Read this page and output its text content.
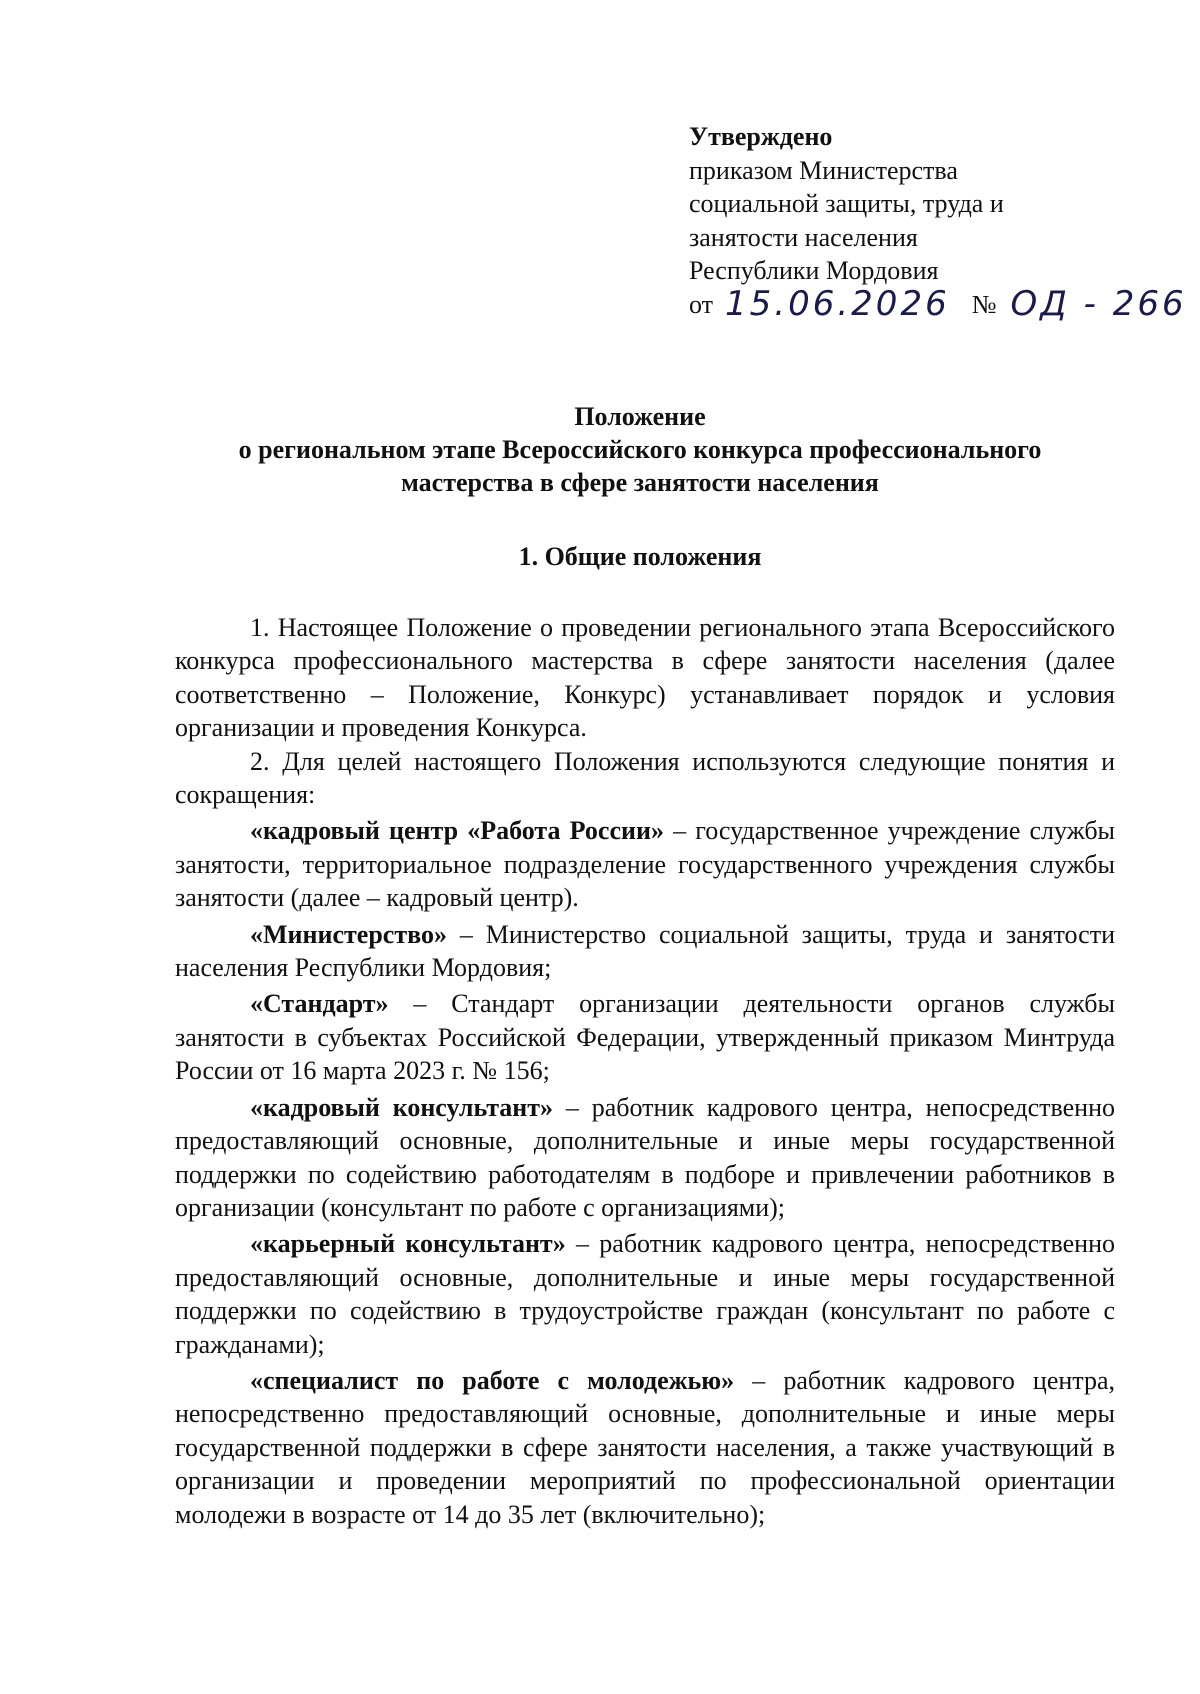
Утверждено
приказом Министерства
социальной защиты, труда и
занятости населения
Республики Мордовия
от 15.06.2026 № ОД - 266
Положение
о региональном этапе Всероссийского конкурса профессионального
мастерства в сфере занятости населения
1. Общие положения

1. Настоящее Положение о проведении регионального этапа Всероссийского конкурса профессионального мастерства в сфере занятости населения (далее соответственно – Положение, Конкурс) устанавливает порядок и условия организации и проведения Конкурса.

2. Для целей настоящего Положения используются следующие понятия и сокращения:

«кадровый центр «Работа России» – государственное учреждение службы занятости, территориальное подразделение государственного учреждения службы занятости (далее – кадровый центр).

«Министерство» – Министерство социальной защиты, труда и занятости населения Республики Мордовия;

«Стандарт» – Стандарт организации деятельности органов службы занятости в субъектах Российской Федерации, утвержденный приказом Минтруда России от 16 марта 2023 г. № 156;

«кадровый консультант» – работник кадрового центра, непосредственно предоставляющий основные, дополнительные и иные меры государственной поддержки по содействию работодателям в подборе и привлечении работников в организации (консультант по работе с организациями);

«карьерный консультант» – работник кадрового центра, непосредственно предоставляющий основные, дополнительные и иные меры государственной поддержки по содействию в трудоустройстве граждан (консультант по работе с гражданами);

«специалист по работе с молодежью» – работник кадрового центра, непосредственно предоставляющий основные, дополнительные и иные меры государственной поддержки в сфере занятости населения, а также участвующий в организации и проведении мероприятий по профессиональной ориентации молодежи в возрасте от 14 до 35 лет (включительно);
